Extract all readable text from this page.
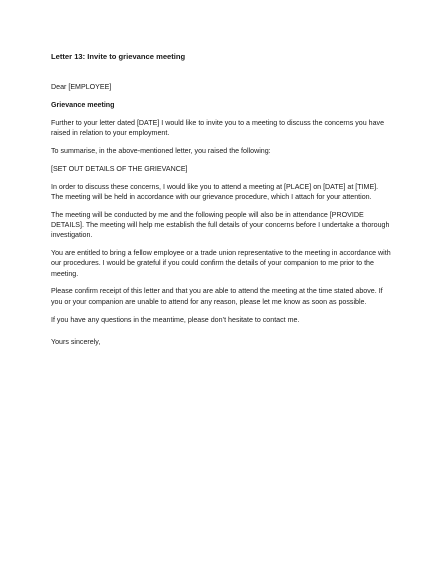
Letter 13: Invite to grievance meeting
Dear [EMPLOYEE]
Grievance meeting
Further to your letter dated [DATE] I would like to invite you to a meeting to discuss the concerns you have raised in relation to your employment.
To summarise, in the above-mentioned letter, you raised the following:
[SET OUT DETAILS OF THE GRIEVANCE]
In order to discuss these concerns, I would like you to attend a meeting at [PLACE] on [DATE] at [TIME]. The meeting will be held in accordance with our grievance procedure, which I attach for your attention.
The meeting will be conducted by me and the following people will also be in attendance [PROVIDE DETAILS]. The meeting will help me establish the full details of your concerns before I undertake a thorough investigation.
You are entitled to bring a fellow employee or a trade union representative to the meeting in accordance with our procedures. I would be grateful if you could confirm the details of your companion to me prior to the meeting.
Please confirm receipt of this letter and that you are able to attend the meeting at the time stated above. If you or your companion are unable to attend for any reason, please let me know as soon as possible.
If you have any questions in the meantime, please don’t hesitate to contact me.
Yours sincerely,
